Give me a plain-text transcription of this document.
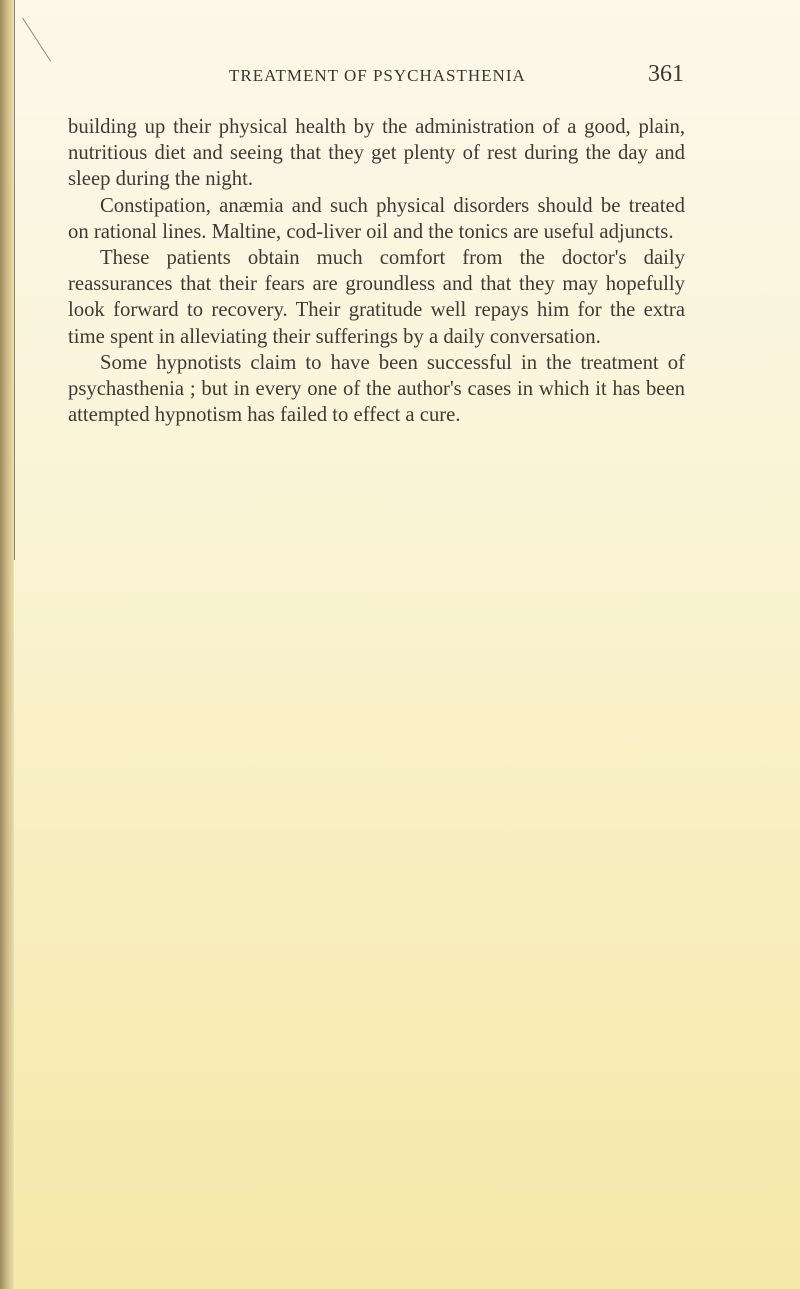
TREATMENT OF PSYCHASTHENIA	361

building up their physical health by the administration of a good, plain, nutritious diet and seeing that they get plenty of rest during the day and sleep during the night.

Constipation, anæmia and such physical disorders should be treated on rational lines. Maltine, cod-liver oil and the tonics are useful adjuncts.

These patients obtain much comfort from the doctor's daily reassurances that their fears are groundless and that they may hopefully look forward to recovery. Their gratitude well repays him for the extra time spent in alleviating their sufferings by a daily conversation.

Some hypnotists claim to have been successful in the treatment of psychasthenia ; but in every one of the author's cases in which it has been attempted hypnotism has failed to effect a cure.
